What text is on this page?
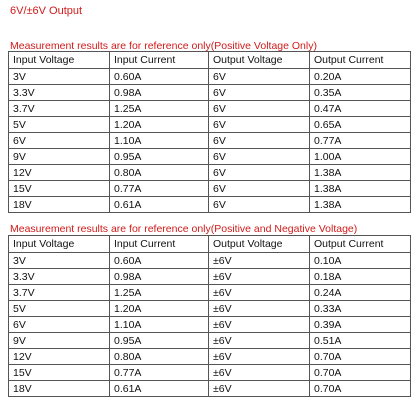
6V/±6V Output
Measurement results are for reference only(Positive Voltage Only)
Input Voltage	Input Current	Output Voltage	Output Current
3V	0.60A	6V	0.20A
3.3V	0.98A	6V	0.35A
3.7V	1.25A	6V	0.47A
5V	1.20A	6V	0.65A
6V	1.10A	6V	0.77A
9V	0.95A	6V	1.00A
12V	0.80A	6V	1.38A
15V	0.77A	6V	1.38A
18V	0.61A	6V	1.38A
Measurement results are for reference only(Positive and Negative Voltage)
Input Voltage	Input Current	Output Voltage	Output Current
3V	0.60A	±6V	0.10A
3.3V	0.98A	±6V	0.18A
3.7V	1.25A	±6V	0.24A
5V	1.20A	±6V	0.33A
6V	1.10A	±6V	0.39A
9V	0.95A	±6V	0.51A
12V	0.80A	±6V	0.70A
15V	0.77A	±6V	0.70A
18V	0.61A	±6V	0.70A
